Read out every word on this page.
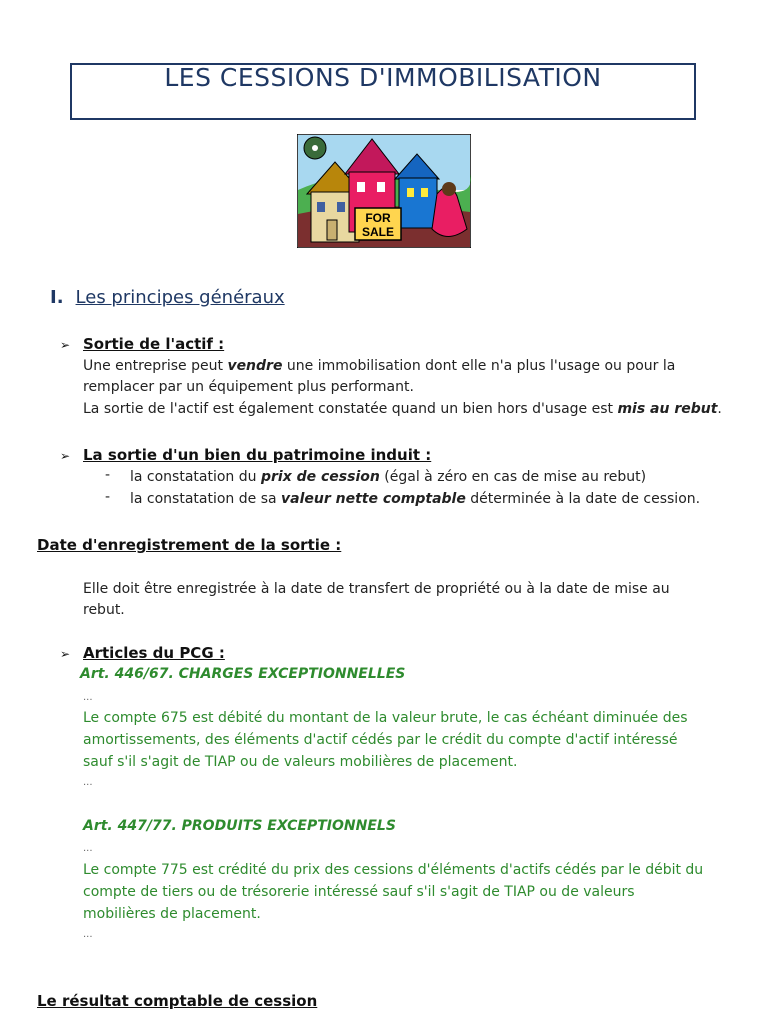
LES CESSIONS D'IMMOBILISATION
FOR
SALE
I. Les principes généraux
➢ Sortie de l'actif :
Une entreprise peut vendre une immobilisation dont elle n'a plus l'usage ou pour la
remplacer par un équipement plus performant.
La sortie de l'actif est également constatée quand un bien hors d'usage est mis au rebut.
➢ La sortie d'un bien du patrimoine induit :
- la constatation du prix de cession (égal à zéro en cas de mise au rebut)
- la constatation de sa valeur nette comptable déterminée à la date de cession.
Date d'enregistrement de la sortie :
Elle doit être enregistrée à la date de transfert de propriété ou à la date de mise au
rebut.
➢ Articles du PCG :
Art. 446/67. CHARGES EXCEPTIONNELLES
...
Le compte 675 est débité du montant de la valeur brute, le cas échéant diminuée des
amortissements, des éléments d'actif cédés par le crédit du compte d'actif intéressé
sauf s'il s'agit de TIAP ou de valeurs mobilières de placement.
...
Art. 447/77. PRODUITS EXCEPTIONNELS
...
Le compte 775 est crédité du prix des cessions d'éléments d'actifs cédés par le débit du
compte de tiers ou de trésorerie intéressé sauf s'il s'agit de TIAP ou de valeurs
mobilières de placement.
...
Le résultat comptable de cession
